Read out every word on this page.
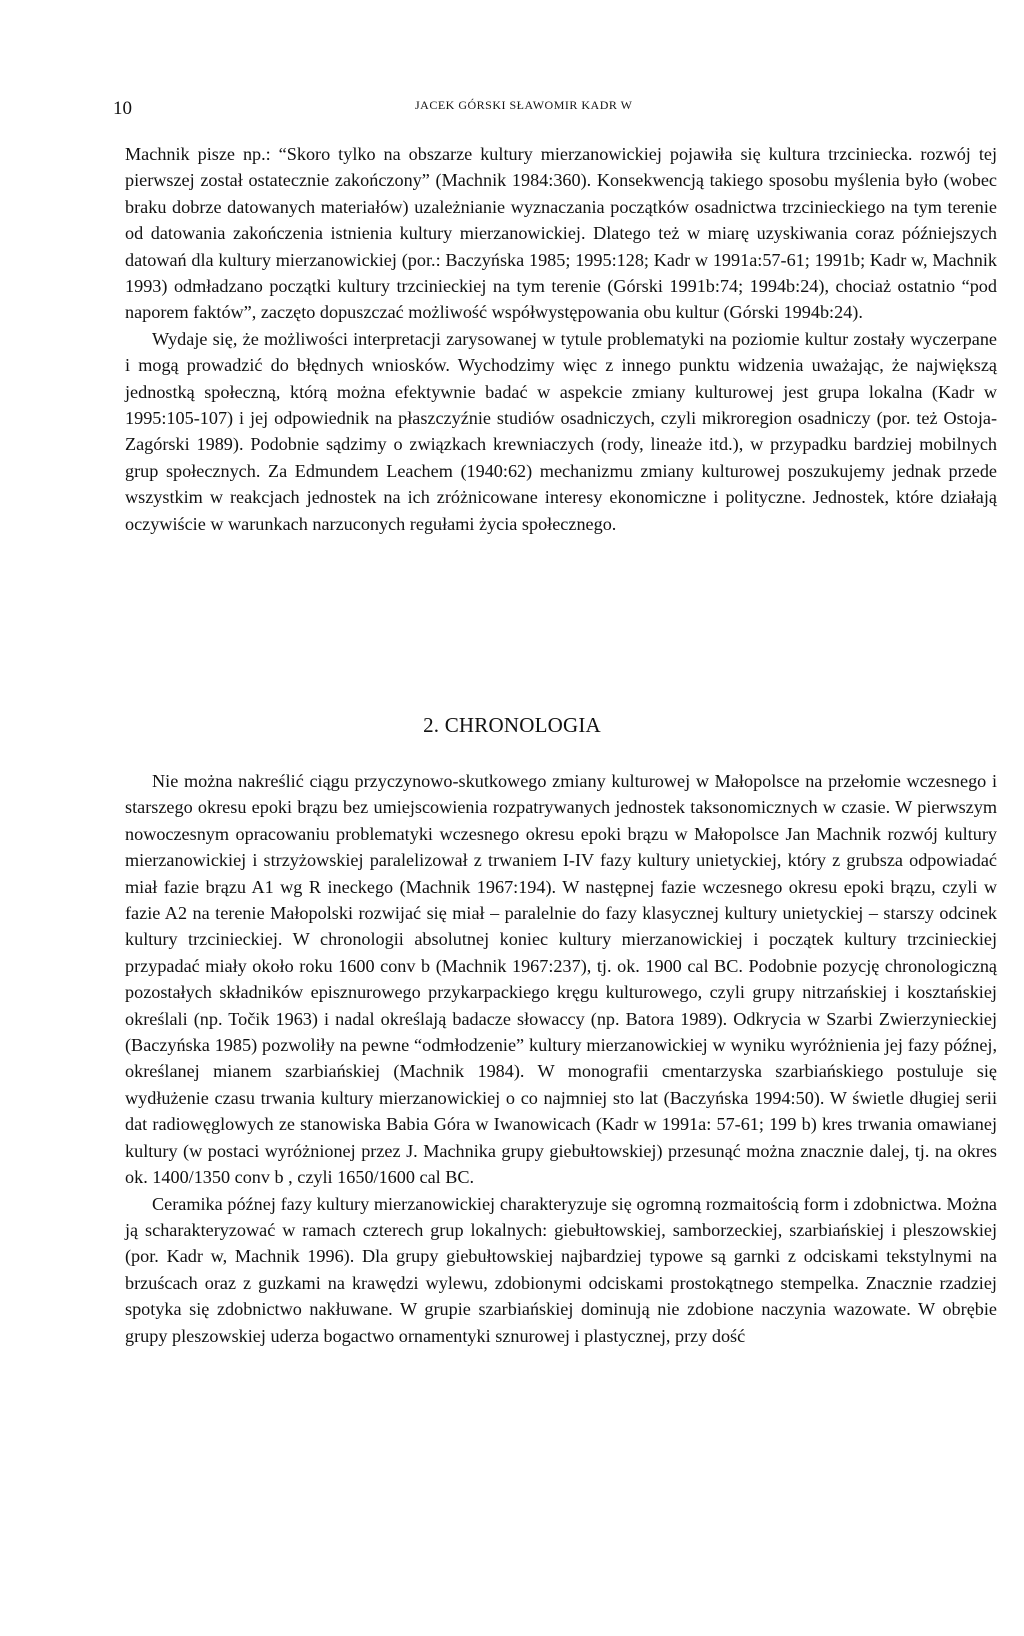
10	JACEK GÓRSKI SŁAWOMIR KADR W

Machnik pisze np.: “Skoro tylko na obszarze kultury mierzanowickiej pojawiła się kultura trzciniecka. rozwój tej pierwszej został ostatecznie zakończony” (Machnik 1984:360). Konsekwencją takiego sposobu myślenia było (wobec braku dobrze datowanych materiałów) uzależnianie wyznaczania początków osadnictwa trzcinieckiego na tym terenie od datowania zakończenia istnienia kultury mierzanowickiej. Dlatego też w miarę uzyskiwania coraz późniejszych datowań dla kultury mierzanowickiej (por.: Baczyńska 1985; 1995:128; Kadr w 1991a:57-61; 1991b; Kadr w, Machnik 1993) odmładzano początki kultury trzcinieckiej na tym terenie (Górski 1991b:74; 1994b:24), chociaż ostatnio “pod naporem faktów”, zaczęto dopuszczać możliwość współwystępowania obu kultur (Górski 1994b:24).

Wydaje się, że możliwości interpretacji zarysowanej w tytule problematyki na poziomie kultur zostały wyczerpane i mogą prowadzić do błędnych wniosków. Wychodzimy więc z innego punktu widzenia uważając, że największą jednostką społeczną, którą można efektywnie badać w aspekcie zmiany kulturowej jest grupa lokalna (Kadr w 1995:105-107) i jej odpowiednik na płaszczyźnie studiów osadniczych, czyli mikroregion osadniczy (por. też Ostoja-Zagórski 1989). Podobnie sądzimy o związkach krewniaczych (rody, lineaże itd.), w przypadku bardziej mobilnych grup społecznych. Za Edmundem Leachem (1940:62) mechanizmu zmiany kulturowej poszukujemy jednak przede wszystkim w reakcjach jednostek na ich zróżnicowane interesy ekonomiczne i polityczne. Jednostek, które działają oczywiście w warunkach narzuconych regułami życia społecznego.

2. CHRONOLOGIA

Nie można nakreślić ciągu przyczynowo-skutkowego zmiany kulturowej w Małopolsce na przełomie wczesnego i starszego okresu epoki brązu bez umiejscowienia rozpatrywanych jednostek taksonomicznych w czasie. W pierwszym nowoczesnym opracowaniu problematyki wczesnego okresu epoki brązu w Małopolsce Jan Machnik rozwój kultury mierzanowickiej i strzyżowskiej paralelizował z trwaniem I-IV fazy kultury unietyckiej, który z grubsza odpowiadać miał fazie brązu A1 wg R ineckego (Machnik 1967:194). W następnej fazie wczesnego okresu epoki brązu, czyli w fazie A2 na terenie Małopolski rozwijać się miał – paralelnie do fazy klasycznej kultury unietyckiej – starszy odcinek kultury trzcinieckiej. W chronologii absolutnej koniec kultury mierzanowickiej i początek kultury trzcinieckiej przypadać miały około roku 1600 conv b (Machnik 1967:237), tj. ok. 1900 cal BC. Podobnie pozycję chronologiczną pozostałych składników episznurowego przykarpackiego kręgu kulturowego, czyli grupy nitrzańskiej i kosztańskiej określali (np. Točik 1963) i nadal określają badacze słowaccy (np. Batora 1989). Odkrycia w Szarbi Zwierzynieckiej (Baczyńska 1985) pozwoliły na pewne “odmłodzenie” kultury mierzanowickiej w wyniku wyróżnienia jej fazy późnej, określanej mianem szarbiańskiej (Machnik 1984). W monografii cmentarzyska szarbiańskiego postuluje się wydłużenie czasu trwania kultury mierzanowickiej o co najmniej sto lat (Baczyńska 1994:50). W świetle długiej serii dat radiowęglowych ze stanowiska Babia Góra w Iwanowicach (Kadr w 1991a: 57-61; 199 b) kres trwania omawianej kultury (w postaci wyróżnionej przez J. Machnika grupy giebułtowskiej) przesunąć można znacznie dalej, tj. na okres ok. 1400/1350 conv b , czyli 1650/1600 cal BC.

Ceramika późnej fazy kultury mierzanowickiej charakteryzuje się ogromną rozmaitością form i zdobnictwa. Można ją scharakteryzować w ramach czterech grup lokalnych: giebułtowskiej, samborzeckiej, szarbiańskiej i pleszowskiej (por. Kadr w, Machnik 1996). Dla grupy giebułtowskiej najbardziej typowe są garnki z odciskami tekstylnymi na brzuścach oraz z guzkami na krawędzi wylewu, zdobionymi odciskami prostokątnego stempelka. Znacznie rzadziej spotyka się zdobnictwo nakłuwane. W grupie szarbiańskiej dominują nie zdobione naczynia wazowate. W obrębie grupy pleszowskiej uderza bogactwo ornamentyki sznurowej i plastycznej, przy dość
